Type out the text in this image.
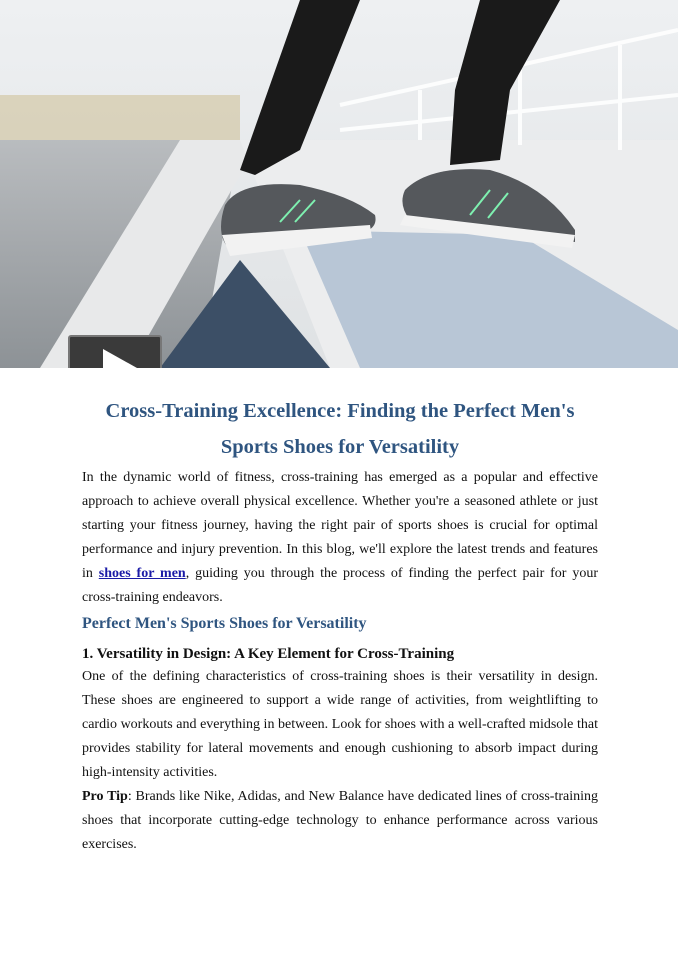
Cross-Training Excellence: Finding the Perfect Men's
Sports Shoes for Versatility

In the dynamic world of fitness, cross-training has emerged as a popular and effective approach to achieve overall physical excellence. Whether you're a seasoned athlete or just starting your fitness journey, having the right pair of sports shoes is crucial for optimal performance and injury prevention. In this blog, we'll explore the latest trends and features in shoes for men, guiding you through the process of finding the perfect pair for your cross-training endeavors.

Perfect Men's Sports Shoes for Versatility
1. Versatility in Design: A Key Element for Cross-Training

One of the defining characteristics of cross-training shoes is their versatility in design. These shoes are engineered to support a wide range of activities, from weightlifting to cardio workouts and everything in between. Look for shoes with a well-crafted midsole that provides stability for lateral movements and enough cushioning to absorb impact during high-intensity activities.

Pro Tip: Brands like Nike, Adidas, and New Balance have dedicated lines of cross-training shoes that incorporate cutting-edge technology to enhance performance across various exercises.
